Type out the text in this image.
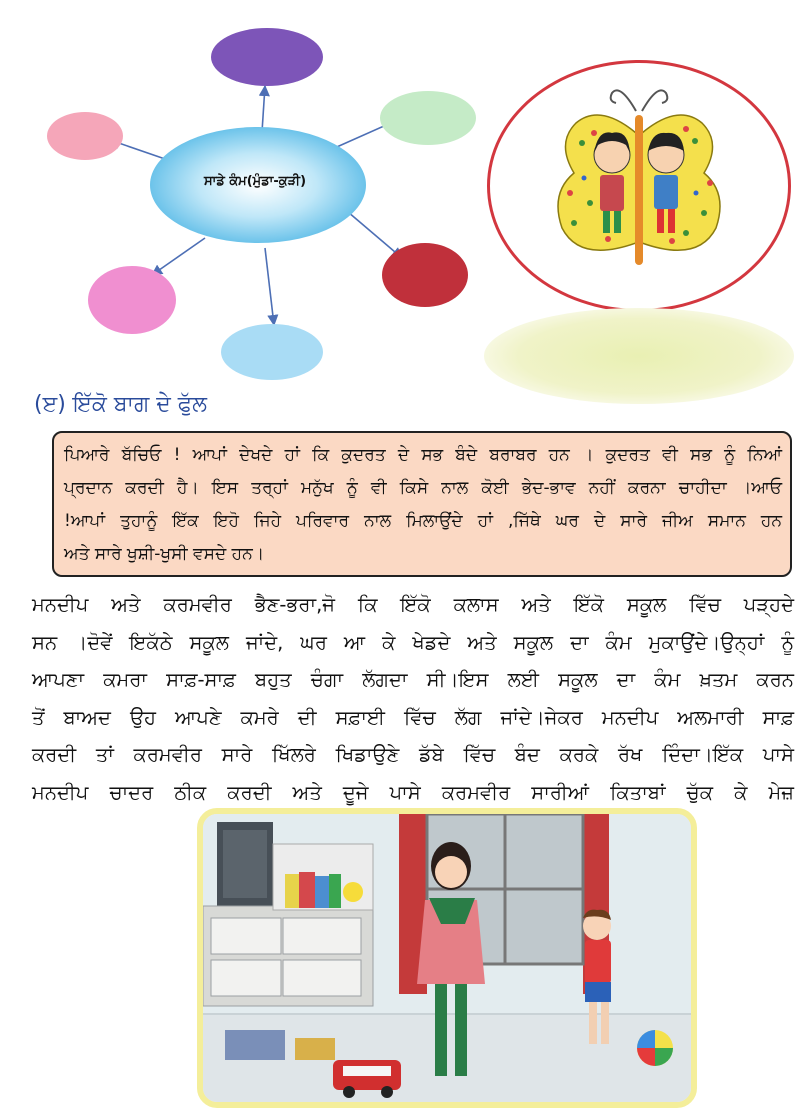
ਸਾਡੇ ਕੰਮ(ਮੁੰਡਾ-ਕੁੜੀ)
(ੲ) ਇੱਕੋ ਬਾਗ ਦੇ ਫੁੱਲ

ਪਿਆਰੇ ਬੱਚਿਓ ! ਆਪਾਂ ਦੇਖਦੇ ਹਾਂ ਕਿ ਕੁਦਰਤ ਦੇ ਸਭ ਬੰਦੇ ਬਰਾਬਰ ਹਨ । ਕੁਦਰਤ ਵੀ ਸਭ ਨੂੰ ਨਿਆਂ

ਪ੍ਰਦਾਨ ਕਰਦੀ ਹੈ। ਇਸ ਤਰ੍ਹਾਂ ਮਨੁੱਖ ਨੂੰ ਵੀ ਕਿਸੇ ਨਾਲ ਕੋਈ ਭੇਦ-ਭਾਵ ਨਹੀਂ ਕਰਨਾ ਚਾਹੀਦਾ ।ਆਓ

!ਆਪਾਂ ਤੁਹਾਨੂੰ ਇੱਕ ਇਹੋ ਜਿਹੇ ਪਰਿਵਾਰ ਨਾਲ ਮਿਲਾਉਂਦੇ ਹਾਂ ,ਜਿੱਥੇ ਘਰ ਦੇ ਸਾਰੇ ਜੀਅ ਸਮਾਨ ਹਨ

ਅਤੇ ਸਾਰੇ ਖੁਸ਼ੀ-ਖੁਸੀ ਵਸਦੇ ਹਨ।

ਮਨਦੀਪ ਅਤੇ ਕਰਮਵੀਰ ਭੈਣ-ਭਰਾ,ਜੋ ਕਿ ਇੱਕੋ ਕਲਾਸ ਅਤੇ ਇੱਕੋ ਸਕੂਲ ਵਿੱਚ ਪੜ੍ਹਦੇ

ਸਨ ।ਦੋਵੇਂ ਇਕੱਠੇ ਸਕੂਲ ਜਾਂਦੇ, ਘਰ ਆ ਕੇ ਖੇਡਦੇ ਅਤੇ ਸਕੂਲ ਦਾ ਕੰਮ ਮੁਕਾਉਂਦੇ।ਉਨ੍ਹਾਂ ਨੂੰ

ਆਪਣਾ ਕਮਰਾ ਸਾਫ਼-ਸਾਫ਼ ਬਹੁਤ ਚੰਗਾ ਲੱਗਦਾ ਸੀ।ਇਸ ਲਈ ਸਕੂਲ ਦਾ ਕੰਮ ਖ਼ਤਮ ਕਰਨ

ਤੋਂ ਬਾਅਦ ਉਹ ਆਪਣੇ ਕਮਰੇ ਦੀ ਸਫ਼ਾਈ ਵਿੱਚ ਲੱਗ ਜਾਂਦੇ।ਜੇਕਰ ਮਨਦੀਪ ਅਲਮਾਰੀ ਸਾਫ਼

ਕਰਦੀ ਤਾਂ ਕਰਮਵੀਰ ਸਾਰੇ ਖਿੱਲਰੇ ਖਿਡਾਉਣੇ ਡੱਬੇ ਵਿੱਚ ਬੰਦ ਕਰਕੇ ਰੱਖ ਦਿੰਦਾ।ਇੱਕ ਪਾਸੇ

ਮਨਦੀਪ ਚਾਦਰ ਠੀਕ ਕਰਦੀ ਅਤੇ ਦੂਜੇ ਪਾਸੇ ਕਰਮਵੀਰ ਸਾਰੀਆਂ ਕਿਤਾਬਾਂ ਚੁੱਕ ਕੇ ਮੇਜ਼
